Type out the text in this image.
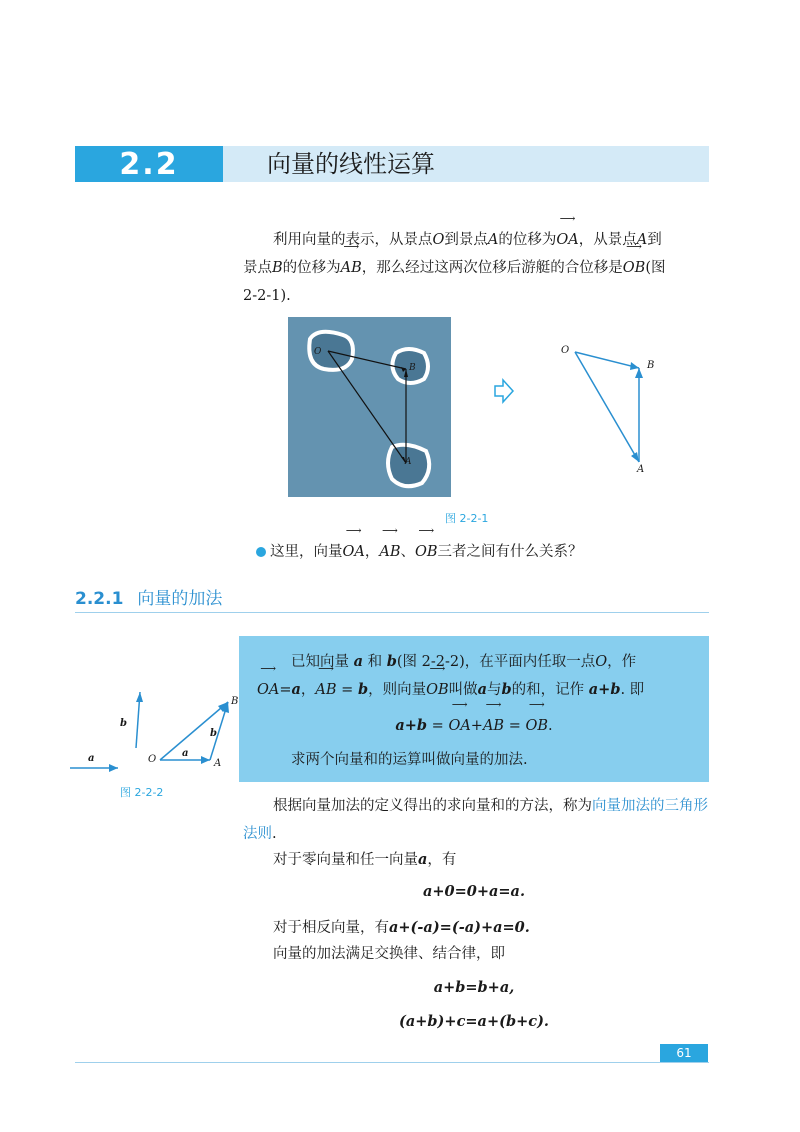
2.2	向量的线性运算
利用向量的表示，从景点O到景点A的位移为⟶ OA，从景点A到
景点B的位移为⟶ AB，那么经过这两次位移后游艇的合位移是⟶ OB(图
2-2-1).
O
B
A
O
B
A
图 2-2-1
这里，向量⟶ OA，⟶ AB、⟶ OB三者之间有什么关系？
2.2.1 向量的加法
b
a	O	A
B
a
b
图 2-2-2
已知向量 a 和 b(图 2-2-2)，在平面内任取一点O，作
⟶ OA=a，⟶ AB = b，则向量⟶ OB叫做a与b的和，记作 a+b. 即
a+b = ⟶ OA+⟶ AB = ⟶ OB.
求两个向量和的运算叫做向量的加法.
根据向量加法的定义得出的求向量和的方法，称为向量加法的三角形法则.
对于零向量和任一向量a，有
a+0=0+a=a.
对于相反向量，有a+(-a)=(-a)+a=0.
向量的加法满足交换律、结合律，即
a+b=b+a,
(a+b)+c=a+(b+c).
61
